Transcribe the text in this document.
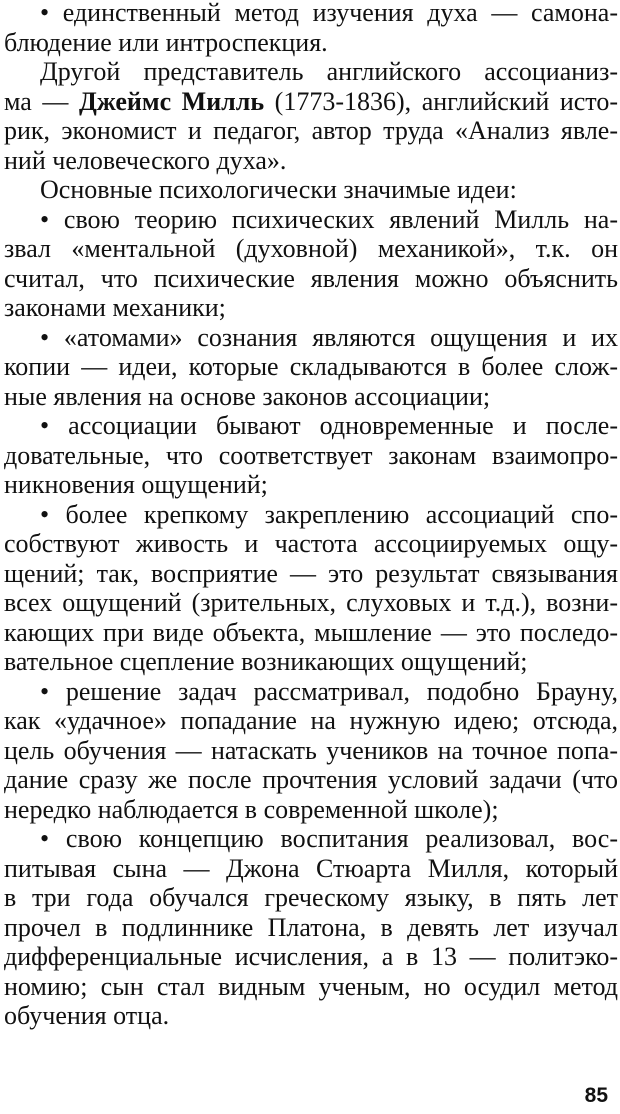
• единственный метод изучения духа — самона-
блюдение или интроспекция.
Другой представитель английского ассоцианиз-
ма — Джеймс Милль (1773-1836), английский исто-
рик, экономист и педагог, автор труда «Анализ явле-
ний человеческого духа».
Основные психологически значимые идеи:
• свою теорию психических явлений Милль на-
звал «ментальной (духовной) механикой», т.к. он
считал, что психические явления можно объяснить
законами механики;
• «атомами» сознания являются ощущения и их
копии — идеи, которые складываются в более слож-
ные явления на основе законов ассоциации;
• ассоциации бывают одновременные и после-
довательные, что соответствует законам взаимопро-
никновения ощущений;
• более крепкому закреплению ассоциаций спо-
собствуют живость и частота ассоциируемых ощу-
щений; так, восприятие — это результат связывания
всех ощущений (зрительных, слуховых и т.д.), возни-
кающих при виде объекта, мышление — это последо-
вательное сцепление возникающих ощущений;
• решение задач рассматривал, подобно Брауну,
как «удачное» попадание на нужную идею; отсюда,
цель обучения — натаскать учеников на точное попа-
дание сразу же после прочтения условий задачи (что
нередко наблюдается в современной школе);
• свою концепцию воспитания реализовал, вос-
питывая сына — Джона Стюарта Милля, который
в три года обучался греческому языку, в пять лет
прочел в подлиннике Платона, в девять лет изучал
дифференциальные исчисления, а в 13 — политэко-
номию; сын стал видным ученым, но осудил метод
обучения отца.
85
